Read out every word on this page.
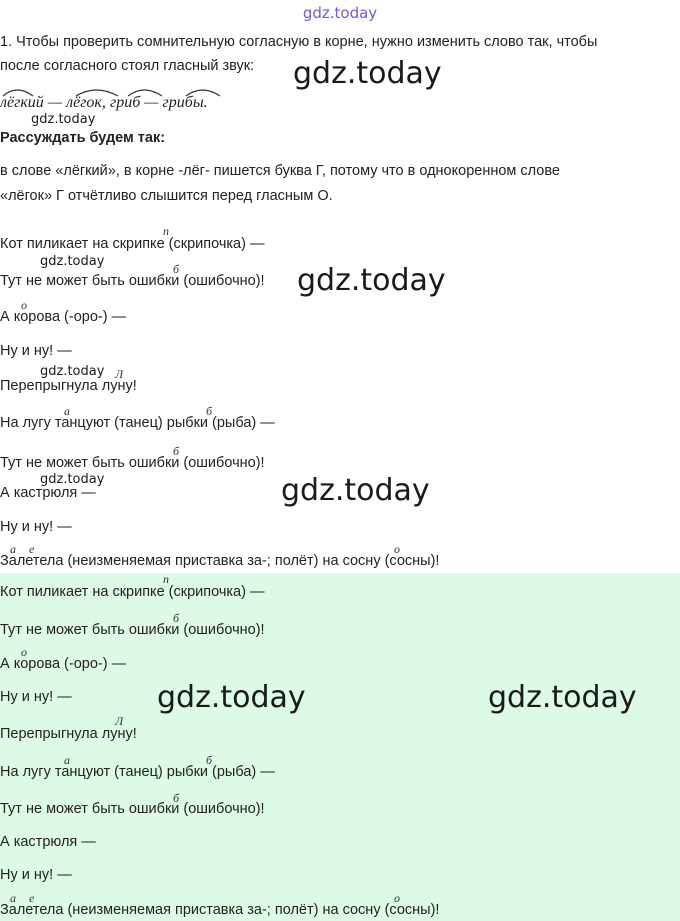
gdz.today
1. Чтобы проверить сомнительную согласную в корне, нужно изменить слово так, чтобы
после согласного стоял гласный звук:
лёгкий — лёгок, гриб — грибы.
Рассуждать будем так:
в слове «лёгкий», в корне -лёг- пишется буква Г, потому что в однокоренном слове
«лёгок» Г отчётливо слышится перед гласным О.
Кот пиликает на скрипке (скрипочка) —
Тут не может быть ошибки (ошибочно)!
А корова (-оро-) —
Ну и ну! —
Перепрыгнула луну!
На лугу танцуют (танец) рыбки (рыба) —
Тут не может быть ошибки (ошибочно)!
А кастрюля —
Ну и ну! —
Залетела (неизменяемая приставка за-; полёт) на сосну (сосны)!
п
б
о
Л
а	б
б
а е	о
Кот пиликает на скрипке (скрипочка) —
Тут не может быть ошибки (ошибочно)!
А корова (-оро-) —
Ну и ну! —
Перепрыгнула луну!
На лугу танцуют (танец) рыбки (рыба) —
Тут не может быть ошибки (ошибочно)!
А кастрюля —
Ну и ну! —
Залетела (неизменяемая приставка за-; полёт) на сосну (сосны)!
п
б
о
Л
а	б
б
а е	о
gdz.today
gdz.today
gdz.today
gdz.today
gdz.today
gdz.today	gdz.today
gdz.today	gdz.today
